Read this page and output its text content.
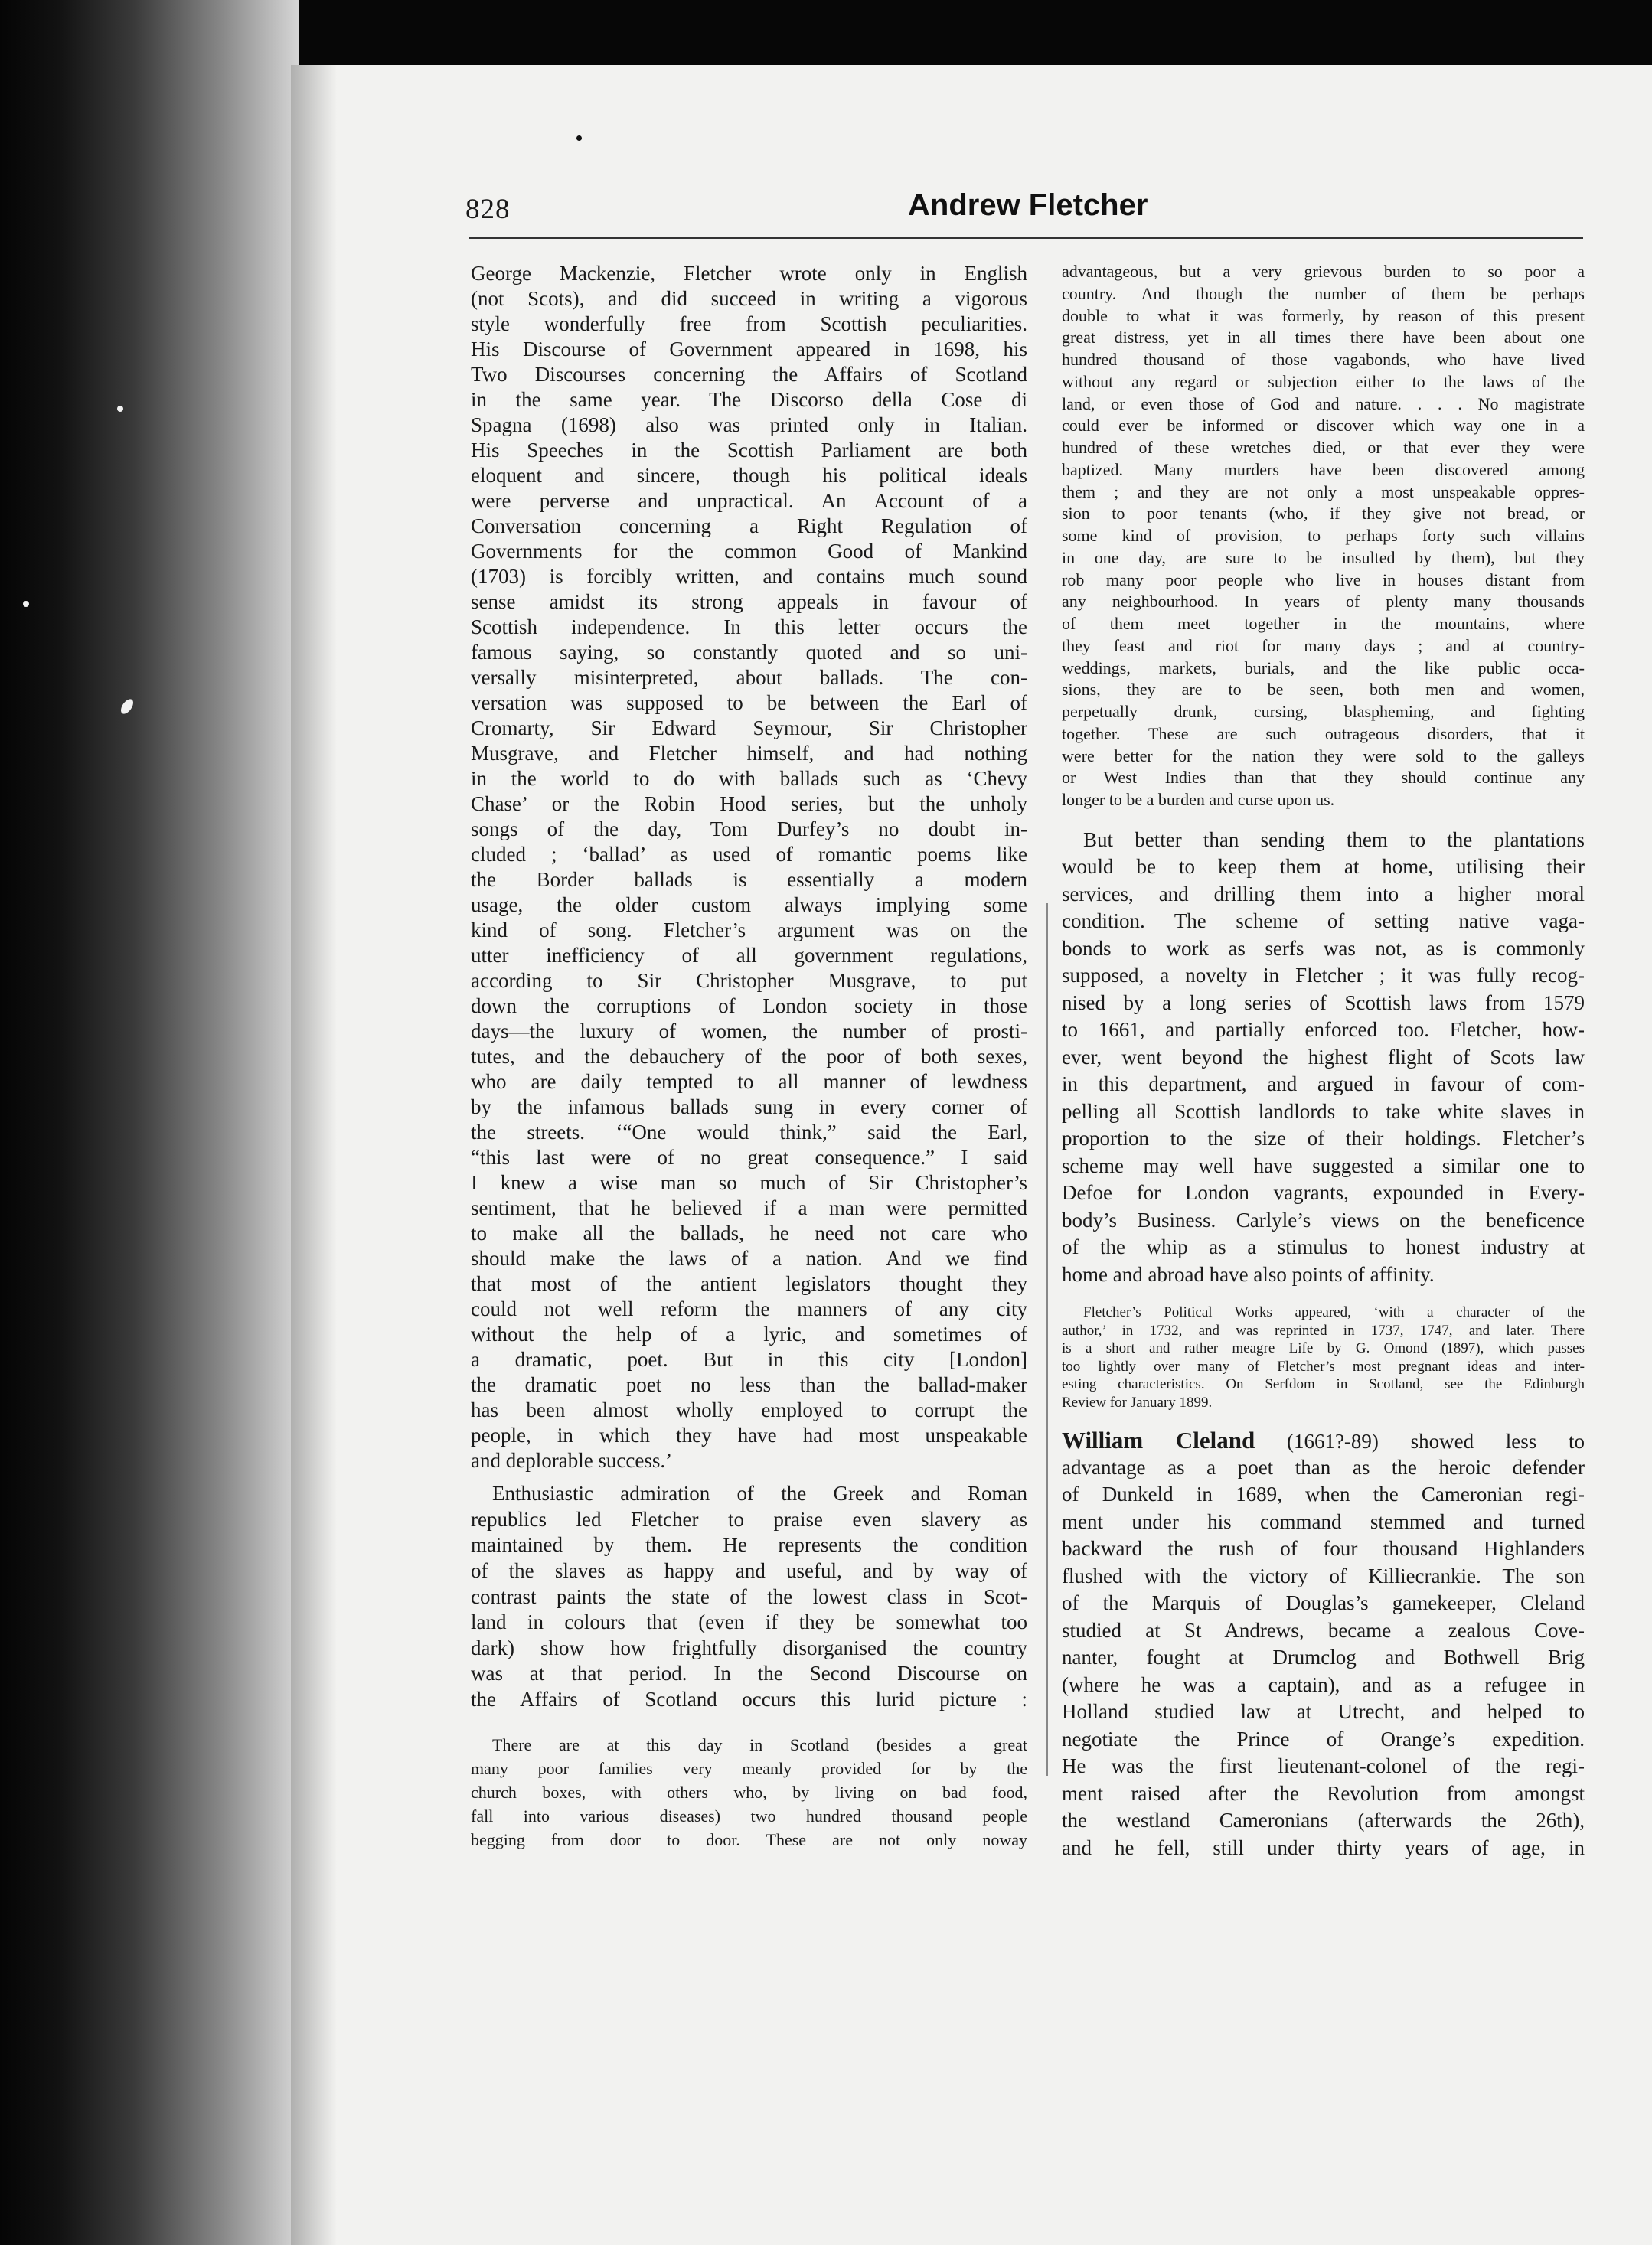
828	Andrew Fletcher
George Mackenzie, Fletcher wrote only in English
(not Scots), and did succeed in writing a vigorous
style wonderfully free from Scottish peculiarities.
His Discourse of Government appeared in 1698, his
Two Discourses concerning the Affairs of Scotland
in the same year. The Discorso della Cose di
Spagna (1698) also was printed only in Italian.
His Speeches in the Scottish Parliament are both
eloquent and sincere, though his political ideals
were perverse and unpractical. An Account of a
Conversation concerning a Right Regulation of
Governments for the common Good of Mankind
(1703) is forcibly written, and contains much sound
sense amidst its strong appeals in favour of
Scottish independence. In this letter occurs the
famous saying, so constantly quoted and so uni-
versally misinterpreted, about ballads. The con-
versation was supposed to be between the Earl of
Cromarty, Sir Edward Seymour, Sir Christopher
Musgrave, and Fletcher himself, and had nothing
in the world to do with ballads such as ‘Chevy
Chase’ or the Robin Hood series, but the unholy
songs of the day, Tom Durfey’s no doubt in-
cluded ; ‘ballad’ as used of romantic poems like
the Border ballads is essentially a modern
usage, the older custom always implying some
kind of song. Fletcher’s argument was on the
utter inefficiency of all government regulations,
according to Sir Christopher Musgrave, to put
down the corruptions of London society in those
days—the luxury of women, the number of prosti-
tutes, and the debauchery of the poor of both sexes,
who are daily tempted to all manner of lewdness
by the infamous ballads sung in every corner of
the streets. ‘“One would think,” said the Earl,
“this last were of no great consequence.” I said
I knew a wise man so much of Sir Christopher’s
sentiment, that he believed if a man were permitted
to make all the ballads, he need not care who
should make the laws of a nation. And we find
that most of the antient legislators thought they
could not well reform the manners of any city
without the help of a lyric, and sometimes of
a dramatic, poet. But in this city [London]
the dramatic poet no less than the ballad-maker
has been almost wholly employed to corrupt the
people, in which they have had most unspeakable
and deplorable success.’
Enthusiastic admiration of the Greek and Roman
republics led Fletcher to praise even slavery as
maintained by them. He represents the condition
of the slaves as happy and useful, and by way of
contrast paints the state of the lowest class in Scot-
land in colours that (even if they be somewhat too
dark) show how frightfully disorganised the country
was at that period. In the Second Discourse on
the Affairs of Scotland occurs this lurid picture :
There are at this day in Scotland (besides a great
many poor families very meanly provided for by the
church boxes, with others who, by living on bad food,
fall into various diseases) two hundred thousand people
begging from door to door. These are not only noway
advantageous, but a very grievous burden to so poor a
country. And though the number of them be perhaps
double to what it was formerly, by reason of this present
great distress, yet in all times there have been about one
hundred thousand of those vagabonds, who have lived
without any regard or subjection either to the laws of the
land, or even those of God and nature. . . . No magistrate
could ever be informed or discover which way one in a
hundred of these wretches died, or that ever they were
baptized. Many murders have been discovered among
them ; and they are not only a most unspeakable oppres-
sion to poor tenants (who, if they give not bread, or
some kind of provision, to perhaps forty such villains
in one day, are sure to be insulted by them), but they
rob many poor people who live in houses distant from
any neighbourhood. In years of plenty many thousands
of them meet together in the mountains, where
they feast and riot for many days ; and at country-
weddings, markets, burials, and the like public occa-
sions, they are to be seen, both men and women,
perpetually drunk, cursing, blaspheming, and fighting
together. These are such outrageous disorders, that it
were better for the nation they were sold to the galleys
or West Indies than that they should continue any
longer to be a burden and curse upon us.
But better than sending them to the plantations
would be to keep them at home, utilising their
services, and drilling them into a higher moral
condition. The scheme of setting native vaga-
bonds to work as serfs was not, as is commonly
supposed, a novelty in Fletcher ; it was fully recog-
nised by a long series of Scottish laws from 1579
to 1661, and partially enforced too. Fletcher, how-
ever, went beyond the highest flight of Scots law
in this department, and argued in favour of com-
pelling all Scottish landlords to take white slaves in
proportion to the size of their holdings. Fletcher’s
scheme may well have suggested a similar one to
Defoe for London vagrants, expounded in Every-
body’s Business. Carlyle’s views on the beneficence
of the whip as a stimulus to honest industry at
home and abroad have also points of affinity.
Fletcher’s Political Works appeared, ‘with a character of the
author,’ in 1732, and was reprinted in 1737, 1747, and later. There
is a short and rather meagre Life by G. Omond (1897), which passes
too lightly over many of Fletcher’s most pregnant ideas and inter-
esting characteristics. On Serfdom in Scotland, see the Edinburgh
Review for January 1899.
William Cleland (1661?-89) showed less to
advantage as a poet than as the heroic defender
of Dunkeld in 1689, when the Cameronian regi-
ment under his command stemmed and turned
backward the rush of four thousand Highlanders
flushed with the victory of Killiecrankie. The son
of the Marquis of Douglas’s gamekeeper, Cleland
studied at St Andrews, became a zealous Cove-
nanter, fought at Drumclog and Bothwell Brig
(where he was a captain), and as a refugee in
Holland studied law at Utrecht, and helped to
negotiate the Prince of Orange’s expedition.
He was the first lieutenant-colonel of the regi-
ment raised after the Revolution from amongst
the westland Cameronians (afterwards the 26th),
and he fell, still under thirty years of age, in
